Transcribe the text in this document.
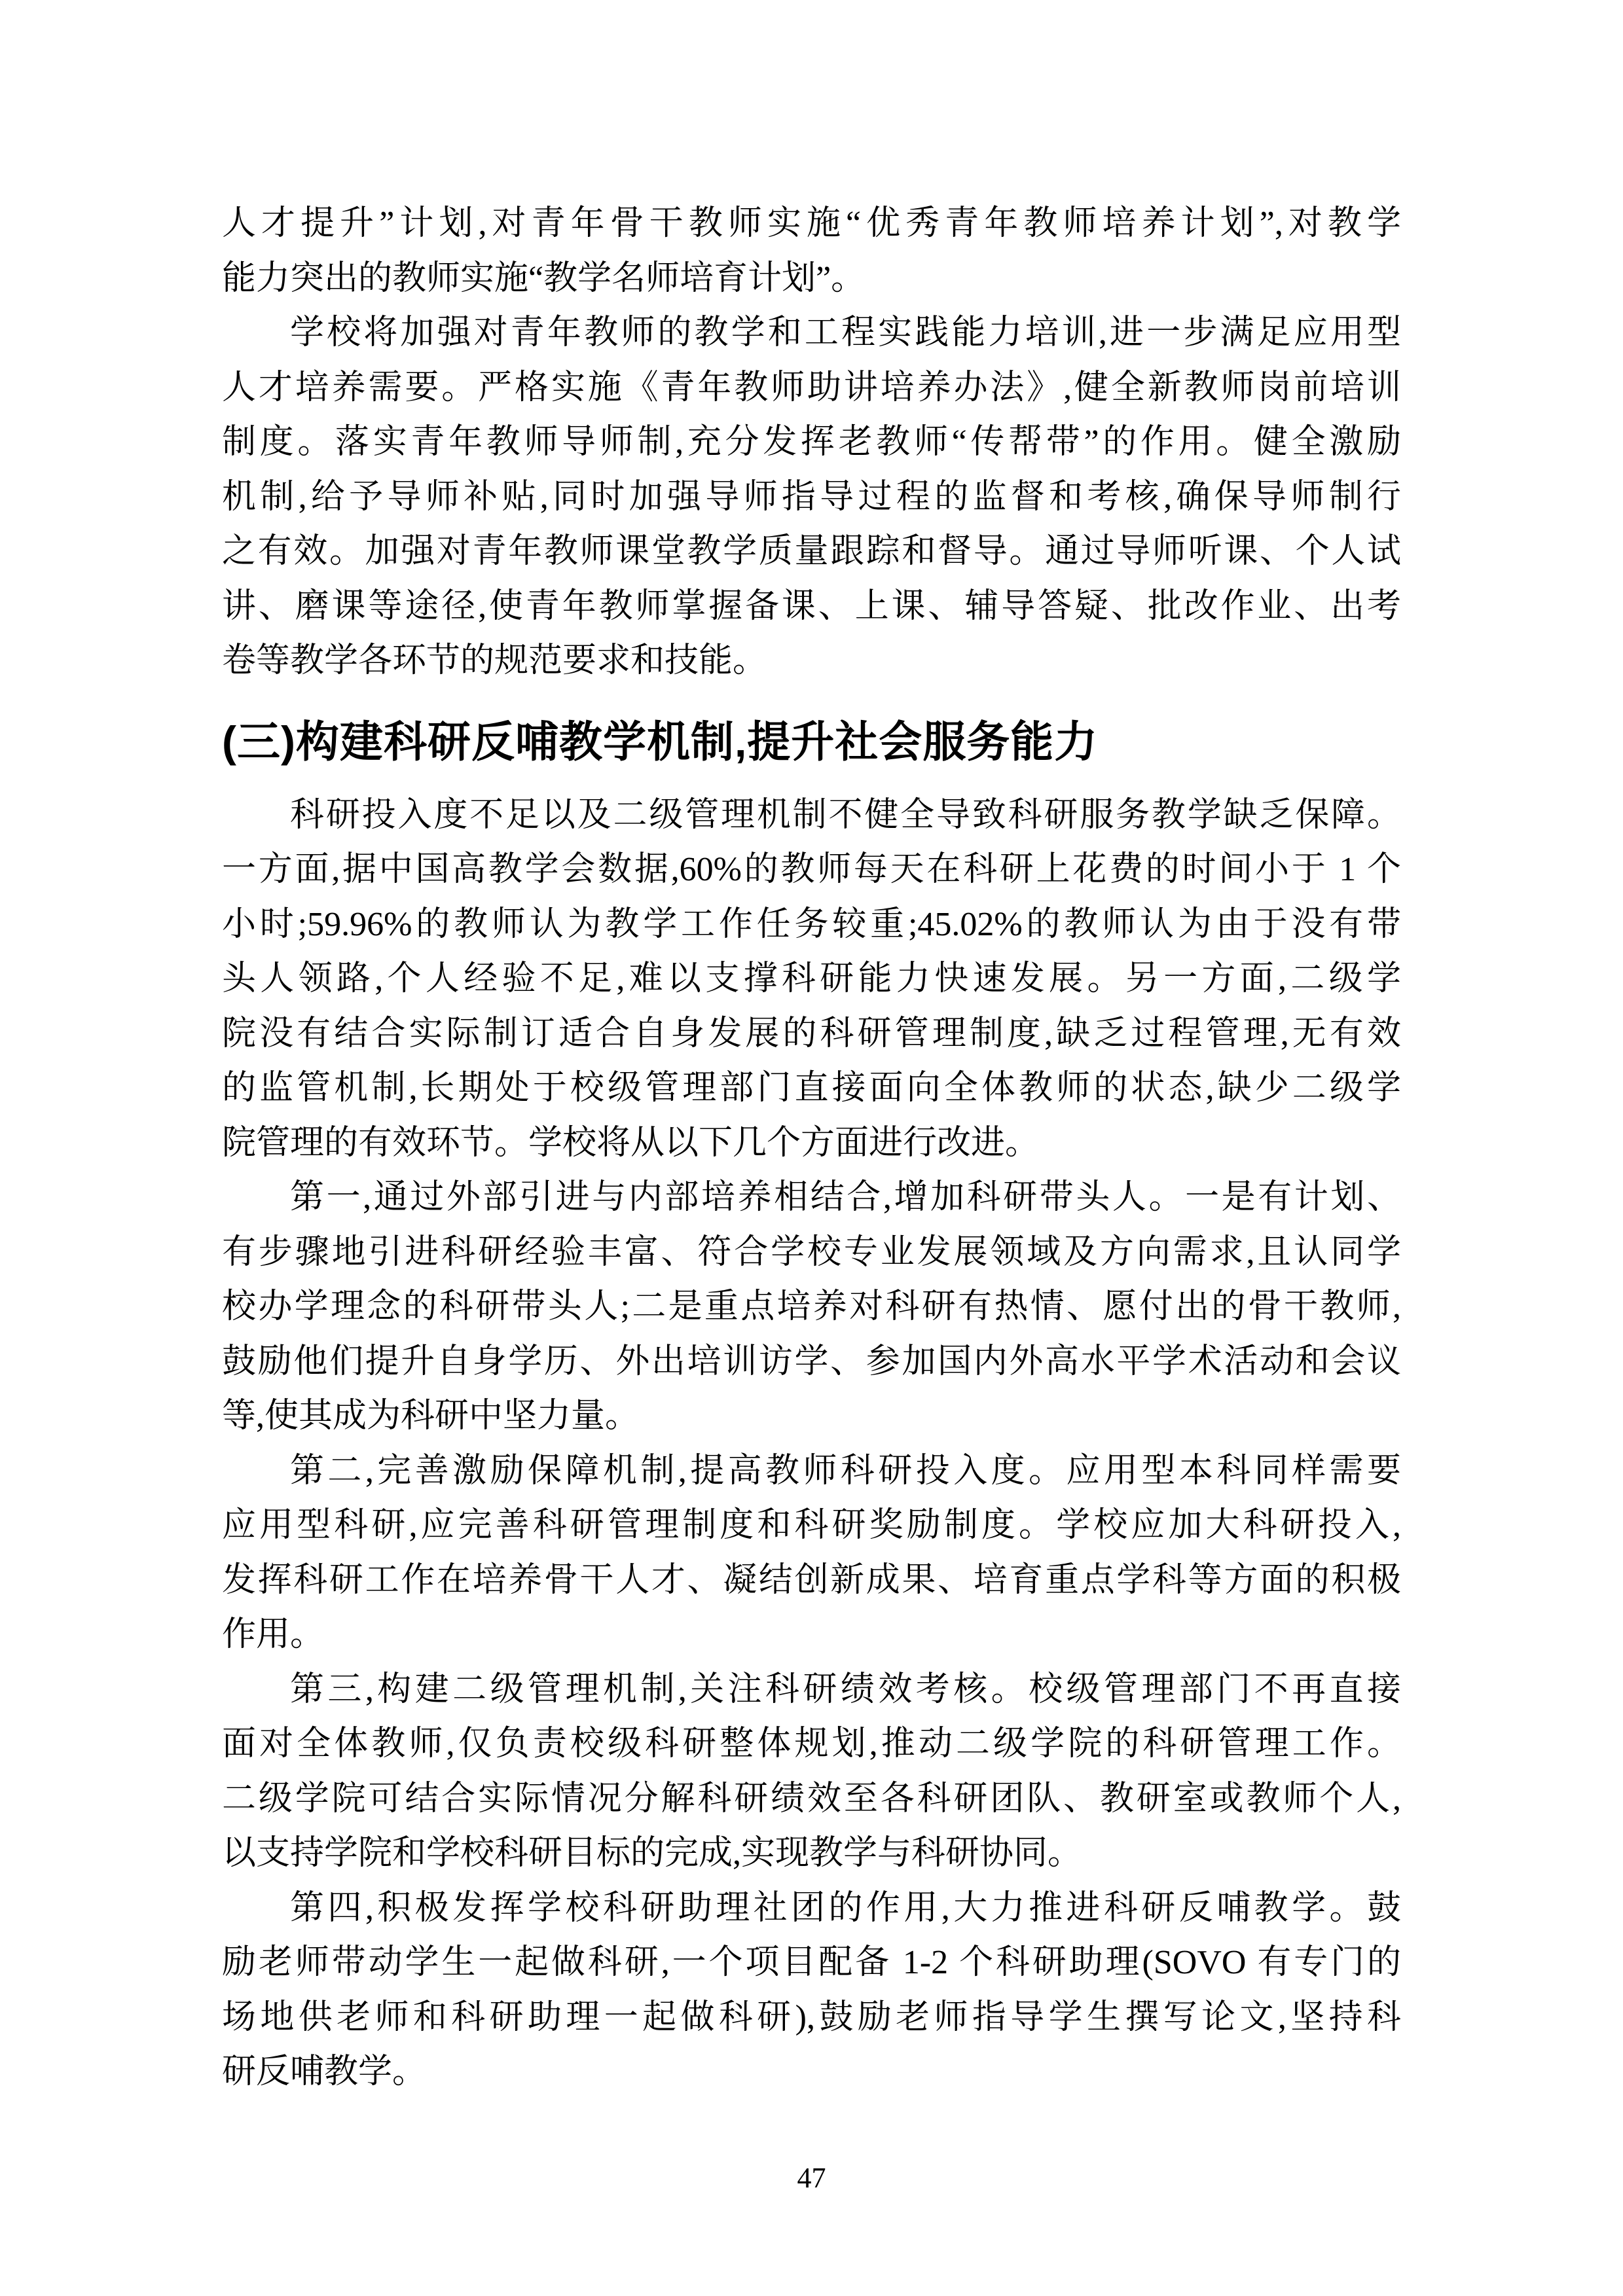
人才提升”计划,对青年骨干教师实施“优秀青年教师培养计划”,对教学
能力突出的教师实施“教学名师培育计划”。
学校将加强对青年教师的教学和工程实践能力培训,进一步满足应用型
人才培养需要。严格实施《青年教师助讲培养办法》,健全新教师岗前培训
制度。落实青年教师导师制,充分发挥老教师“传帮带”的作用。健全激励
机制,给予导师补贴,同时加强导师指导过程的监督和考核,确保导师制行
之有效。加强对青年教师课堂教学质量跟踪和督导。通过导师听课、个人试
讲、磨课等途径,使青年教师掌握备课、上课、辅导答疑、批改作业、出考
卷等教学各环节的规范要求和技能。
(三)构建科研反哺教学机制,提升社会服务能力
科研投入度不足以及二级管理机制不健全导致科研服务教学缺乏保障。
一方面,据中国高教学会数据,60%的教师每天在科研上花费的时间小于 1 个
小时;59.96%的教师认为教学工作任务较重;45.02%的教师认为由于没有带
头人领路,个人经验不足,难以支撑科研能力快速发展。另一方面,二级学
院没有结合实际制订适合自身发展的科研管理制度,缺乏过程管理,无有效
的监管机制,长期处于校级管理部门直接面向全体教师的状态,缺少二级学
院管理的有效环节。学校将从以下几个方面进行改进。
第一,通过外部引进与内部培养相结合,增加科研带头人。一是有计划、
有步骤地引进科研经验丰富、符合学校专业发展领域及方向需求,且认同学
校办学理念的科研带头人;二是重点培养对科研有热情、愿付出的骨干教师,
鼓励他们提升自身学历、外出培训访学、参加国内外高水平学术活动和会议
等,使其成为科研中坚力量。
第二,完善激励保障机制,提高教师科研投入度。应用型本科同样需要
应用型科研,应完善科研管理制度和科研奖励制度。学校应加大科研投入,
发挥科研工作在培养骨干人才、凝结创新成果、培育重点学科等方面的积极
作用。
第三,构建二级管理机制,关注科研绩效考核。校级管理部门不再直接
面对全体教师,仅负责校级科研整体规划,推动二级学院的科研管理工作。
二级学院可结合实际情况分解科研绩效至各科研团队、教研室或教师个人,
以支持学院和学校科研目标的完成,实现教学与科研协同。
第四,积极发挥学校科研助理社团的作用,大力推进科研反哺教学。鼓
励老师带动学生一起做科研,一个项目配备 1-2 个科研助理(SOVO 有专门的
场地供老师和科研助理一起做科研),鼓励老师指导学生撰写论文,坚持科
研反哺教学。
47
